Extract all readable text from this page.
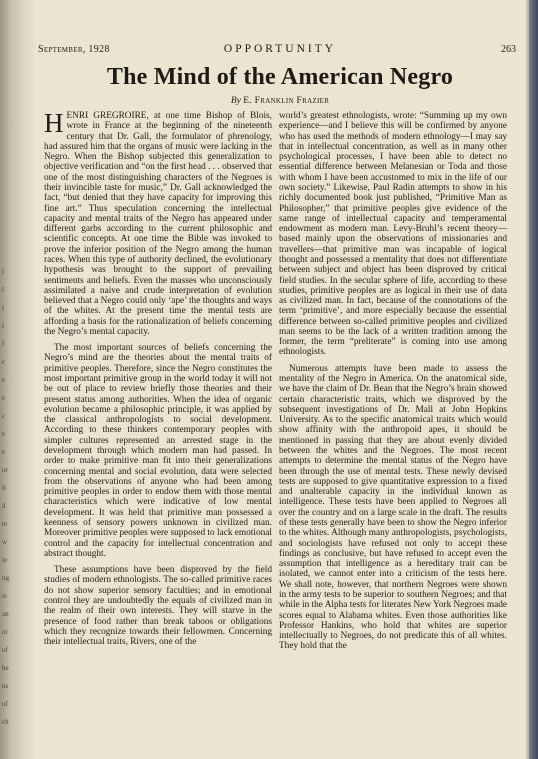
l
l
l
l
f
c
e
e
c
e
e
or
lt
d
te
w
ie
ng
is
an
ot
of
he
us
of
ch
September, 1928	OPPORTUNITY	263
The Mind of the American Negro
By E. Franklin Frazier

HENRI GREGROIRE, at one time Bishop of Blois, wrote in France at the beginning of the nineteenth century that Dr. Gall, the formulator of phrenology, had assured him that the organs of music were lacking in the Negro. When the Bishop subjected this generalization to objective verification and “on the first head . . . observed that one of the most distinguishing characters of the Negroes is their invincible taste for music,” Dr. Gall acknowledged the fact, “but denied that they have capacity for improving this fine art.” Thus speculation concerning the intellectual capacity and mental traits of the Negro has appeared under different garbs according to the current philosophic and scientific concepts. At one time the Bible was invoked to prove the inferior position of the Negro among the human races. When this type of authority declined, the evolutionary hypothesis was brought to the support of prevailing sentiments and beliefs. Even the masses who unconsciously assimilated a naive and crude interpretation of evolution believed that a Negro could only ‘ape’ the thoughts and ways of the whites. At the present time the mental tests are affording a basis for the rationalization of beliefs concerning the Negro’s mental capacity.

The most important sources of beliefs concerning the Negro’s mind are the theories about the mental traits of primitive peoples. Therefore, since the Negro constitutes the most important primitive group in the world today it will not be out of place to review briefly those theories and their present status among authorities. When the idea of organic evolution became a philosophic principle, it was applied by the classical anthropologists to social development. According to these thinkers contemporary peoples with simpler cultures represented an arrested stage in the development through which modern man had passed. In order to make primitive man fit into their generalizations concerning mental and social evolution, data were selected from the observations of anyone who had been among primitive peoples in order to endow them with those mental characteristics which were indicative of low mental development. It was held that primitive man possessed a keenness of sensory powers unknown in civilized man. Moreover primitive peoples were supposed to lack emotional control and the capacity for intellectual concentration and abstract thought.

These assumptions have been disproved by the field studies of modern ethnologists. The so-called primitive races do not show superior sensory faculties; and in emotional control they are undoubtedly the equals of civilized man in the realm of their own interests. They will starve in the presence of food rather than break taboos or obligations which they recognize towards their fellowmen. Concerning their intellectual traits, Rivers, one of the

world’s greatest ethnologists, wrote: “Summing up my own experience—and I believe this will be confirmed by anyone who has used the methods of modern ethnology—I may say that in intellectual concentration, as well as in many other psychological processes, I have been able to detect no essential difference between Melanesian or Toda and those with whom I have been accustomed to mix in the life of our own society.” Likewise, Paul Radin attempts to show in his richly documented book just published, “Primitive Man as Philosopher,” that primitive peoples give evidence of the same range of intellectual capacity and temperamental endowment as modern man. Levy-Bruhl’s recent theory—based mainly upon the observations of missionaries and travellers—that primitive man was incapable of logical thought and possessed a mentality that does not differentiate between subject and object has been disproved by critical field studies. In the secular sphere of life, according to these studies, primitive peoples are as logical in their use of data as civilized man. In fact, because of the connotations of the term ‘primitive’, and more especially because the essential difference between so-called primitive peoples and civilized man seems to be the lack of a written tradition among the former, the term “preliterate” is coming into use among ethnologists.

Numerous attempts have been made to assess the mentality of the Negro in America. On the anatomical side, we have the claim of Dr. Bean that the Negro’s brain showed certain characteristic traits, which we disproved by the subsequent investigations of Dr. Mall at John Hopkins University. As to the specific anatomical traits which would show affinity with the anthropoid apes, it should be mentioned in passing that they are about evenly divided between the whites and the Negroes. The most recent attempts to determine the mental status of the Negro have been through the use of mental tests. These newly devised tests are supposed to give quantitative expression to a fixed and unalterable capacity in the individual known as intelligence. These tests have been applied to Negroes all over the country and on a large scale in the draft. The results of these tests generally have been to show the Negro inferior to the whites. Although many anthropologists, psychologists, and sociologists have refused not only to accept these findings as conclusive, but have refused to accept even the assumption that intelligence as a hereditary trait can be isolated, we cannot enter into a criticism of the tests here. We shall note, however, that northern Negroes were shown in the army tests to be superior to southern Negroes; and that while in the Alpha tests for literates New York Negroes made scores equal to Alabama whites. Even those authorities like Professor Hankins, who hold that whites are superior intellectually to Negroes, do not predicate this of all whites. They hold that the
